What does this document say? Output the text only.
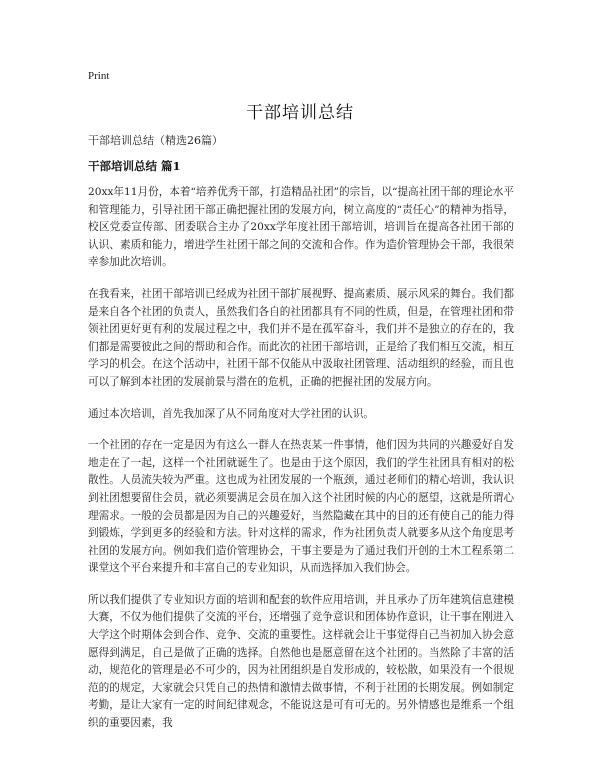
Print
干部培训总结
干部培训总结（精选26篇）
干部培训总结 篇1

20xx年11月份，本着“培养优秀干部，打造精品社团”的宗旨，以“提高社团干部的理论水平和管理能力，引导社团干部正确把握社团的发展方向，树立高度的“责任心”的精神为指导，校区党委宣传部、团委联合主办了20xx学年度社团干部培训，培训旨在提高各社团干部的认识、素质和能力，增进学生社团干部之间的交流和合作。作为造价管理协会干部，我很荣幸参加此次培训。

在我看来，社团干部培训已经成为社团干部扩展视野、提高素质、展示风采的舞台。我们都是来自各个社团的负责人，虽然我们各自的社团都具有不同的性质，但是，在管理社团和带领社团更好更有利的发展过程之中，我们并不是在孤军奋斗，我们并不是独立的存在的，我们都是需要彼此之间的帮助和合作。而此次的社团干部培训，正是给了我们相互交流，相互学习的机会。在这个活动中，社团干部不仅能从中汲取社团管理、活动组织的经验，而且也可以了解到本社团的发展前景与潜在的危机，正确的把握社团的发展方向。

通过本次培训，首先我加深了从不同角度对大学社团的认识。

一个社团的存在一定是因为有这么一群人在热衷某一件事情，他们因为共同的兴趣爱好自发地走在了一起，这样一个社团就诞生了。也是由于这个原因，我们的学生社团具有相对的松散性。人员流失较为严重。这也成为社团发展的一个瓶颈，通过老师们的精心培训，我认识到社团想要留住会员，就必须要满足会员在加入这个社团时候的内心的愿望，这就是所谓心理需求。一般的会员都是因为自己的兴趣爱好，当然隐藏在其中的目的还有使自己的能力得到锻炼，学到更多的经验和方法。针对这样的需求，作为社团负责人就要多从这个角度思考社团的发展方向。例如我们造价管理协会，干事主要是为了通过我们开创的土木工程系第二课堂这个平台来提升和丰富自己的专业知识，从而选择加入我们协会。

所以我们提供了专业知识方面的培训和配套的软件应用培训，并且承办了历年建筑信息建模大赛，不仅为他们提供了交流的平台，还增强了竞争意识和团体协作意识，让干事在刚进入大学这个时期体会到合作、竞争、交流的重要性。这样就会让干事觉得自己当初加入协会意愿得到满足，自己是做了正确的选择。自然他也是愿意留在这个社团的。当然除了丰富的活动，规范化的管理是必不可少的，因为社团组织是自发形成的，较松散，如果没有一个很规范的的规定，大家就会只凭自己的热情和激情去做事情，不利于社团的长期发展。例如制定考勤，是让大家有一定的时间纪律观念，不能说这是可有可无的。另外情感也是维系一个组织的重要因素，我
